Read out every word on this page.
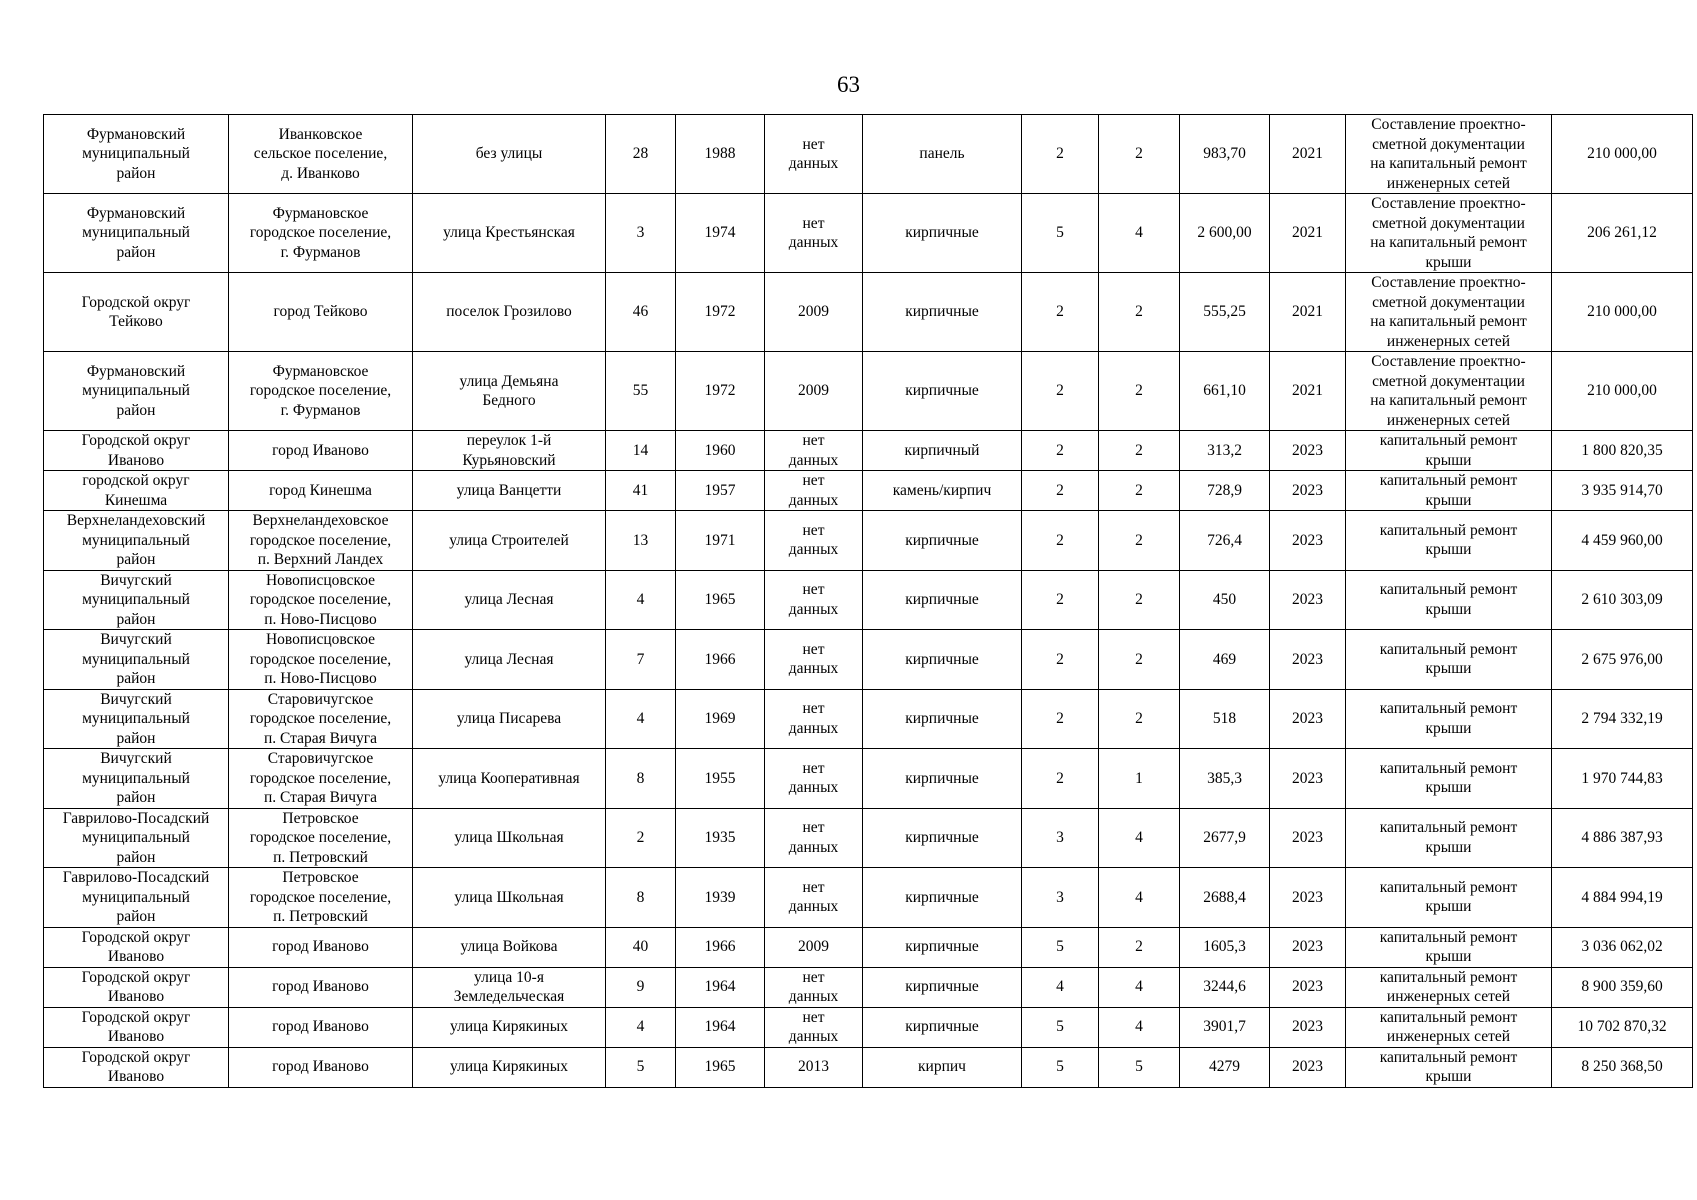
63
Фурмановский
муниципальный
район	Иванковское
сельское поселение,
д. Иванково	без улицы	28	1988	нет
данных	панель	2	2	983,70	2021	Составление проектно-
сметной документации
на капитальный ремонт
инженерных сетей	210 000,00
Фурмановский
муниципальный
район	Фурмановское
городское поселение,
г. Фурманов	улица Крестьянская	3	1974	нет
данных	кирпичные	5	4	2 600,00	2021	Составление проектно-
сметной документации
на капитальный ремонт
крыши	206 261,12
Городской округ
Тейково	город Тейково	поселок Грозилово	46	1972	2009	кирпичные	2	2	555,25	2021	Составление проектно-
сметной документации
на капитальный ремонт
инженерных сетей	210 000,00
Фурмановский
муниципальный
район	Фурмановское
городское поселение,
г. Фурманов	улица Демьяна
Бедного	55	1972	2009	кирпичные	2	2	661,10	2021	Составление проектно-
сметной документации
на капитальный ремонт
инженерных сетей	210 000,00
Городской округ
Иваново	город Иваново	переулок 1-й
Курьяновский	14	1960	нет
данных	кирпичный	2	2	313,2	2023	капитальный ремонт
крыши	1 800 820,35
городской округ
Кинешма	город Кинешма	улица Ванцетти	41	1957	нет
данных	камень/кирпич	2	2	728,9	2023	капитальный ремонт
крыши	3 935 914,70
Верхнеландеховский
муниципальный
район	Верхнеландеховское
городское поселение,
п. Верхний Ландех	улица Строителей	13	1971	нет
данных	кирпичные	2	2	726,4	2023	капитальный ремонт
крыши	4 459 960,00
Вичугский
муниципальный
район	Новописцовское
городское поселение,
п. Ново-Писцово	улица Лесная	4	1965	нет
данных	кирпичные	2	2	450	2023	капитальный ремонт
крыши	2 610 303,09
Вичугский
муниципальный
район	Новописцовское
городское поселение,
п. Ново-Писцово	улица Лесная	7	1966	нет
данных	кирпичные	2	2	469	2023	капитальный ремонт
крыши	2 675 976,00
Вичугский
муниципальный
район	Старовичугское
городское поселение,
п. Старая Вичуга	улица Писарева	4	1969	нет
данных	кирпичные	2	2	518	2023	капитальный ремонт
крыши	2 794 332,19
Вичугский
муниципальный
район	Старовичугское
городское поселение,
п. Старая Вичуга	улица Кооперативная	8	1955	нет
данных	кирпичные	2	1	385,3	2023	капитальный ремонт
крыши	1 970 744,83
Гаврилово-Посадский
муниципальный
район	Петровское
городское поселение,
п. Петровский	улица Школьная	2	1935	нет
данных	кирпичные	3	4	2677,9	2023	капитальный ремонт
крыши	4 886 387,93
Гаврилово-Посадский
муниципальный
район	Петровское
городское поселение,
п. Петровский	улица Школьная	8	1939	нет
данных	кирпичные	3	4	2688,4	2023	капитальный ремонт
крыши	4 884 994,19
Городской округ
Иваново	город Иваново	улица Войкова	40	1966	2009	кирпичные	5	2	1605,3	2023	капитальный ремонт
крыши	3 036 062,02
Городской округ
Иваново	город Иваново	улица 10-я
Земледельческая	9	1964	нет
данных	кирпичные	4	4	3244,6	2023	капитальный ремонт
инженерных сетей	8 900 359,60
Городской округ
Иваново	город Иваново	улица Кирякиных	4	1964	нет
данных	кирпичные	5	4	3901,7	2023	капитальный ремонт
инженерных сетей	10 702 870,32
Городской округ
Иваново	город Иваново	улица Кирякиных	5	1965	2013	кирпич	5	5	4279	2023	капитальный ремонт
крыши	8 250 368,50
